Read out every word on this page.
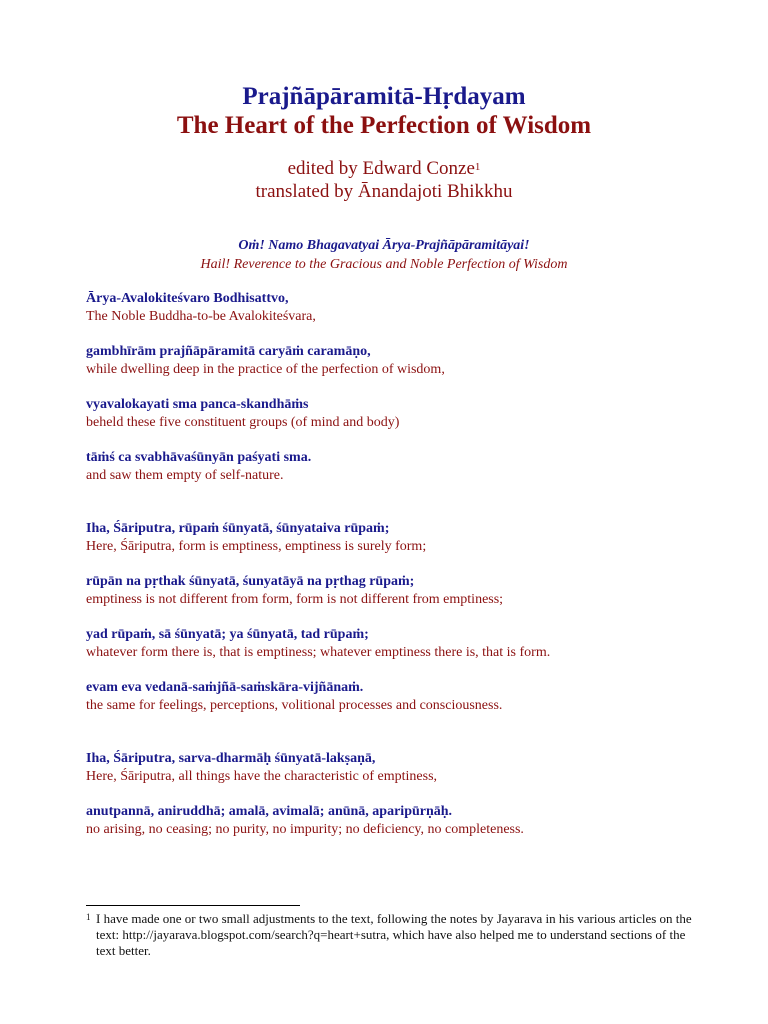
Prajñāpāramitā-Hṛdayam
The Heart of the Perfection of Wisdom
edited by Edward Conze$^1$
translated by Ānandajoti Bhikkhu
Oṁ! Namo Bhagavatyai Ārya-Prajñāpāramitāyai!
Hail! Reverence to the Gracious and Noble Perfection of Wisdom
Ārya-Avalokiteśvaro Bodhisattvo,
The Noble Buddha-to-be Avalokiteśvara,
gambhīrām prajñāpāramitā caryāṁ caramāṇo,
while dwelling deep in the practice of the perfection of wisdom,
vyavalokayati sma panca-skandhāṁs
beheld these five constituent groups (of mind and body)
tāṁś ca svabhāvaśūnyān paśyati sma.
and saw them empty of self-nature.
Iha, Śāriputra, rūpaṁ śūnyatā, śūnyataiva rūpaṁ;
Here, Śāriputra, form is emptiness, emptiness is surely form;
rūpān na pṛthak śūnyatā, śunyatāyā na pṛthag rūpaṁ;
emptiness is not different from form, form is not different from emptiness;
yad rūpaṁ, sā śūnyatā; ya śūnyatā, tad rūpaṁ;
whatever form there is, that is emptiness; whatever emptiness there is, that is form.
evam eva vedanā-saṁjñā-saṁskāra-vijñānaṁ.
the same for feelings, perceptions, volitional processes and consciousness.
Iha, Śāriputra, sarva-dharmāḥ śūnyatā-lakṣaṇā,
Here, Śāriputra, all things have the characteristic of emptiness,
anutpannā, aniruddhā; amalā, avimalā; anūnā, aparipūrṇāḥ.
no arising, no ceasing; no purity, no impurity; no deficiency, no completeness.
1 I have made one or two small adjustments to the text, following the notes by Jayarava in his various articles on the text: http://jayarava.blogspot.com/search?q=heart+sutra, which have also helped me to understand sections of the text better.
